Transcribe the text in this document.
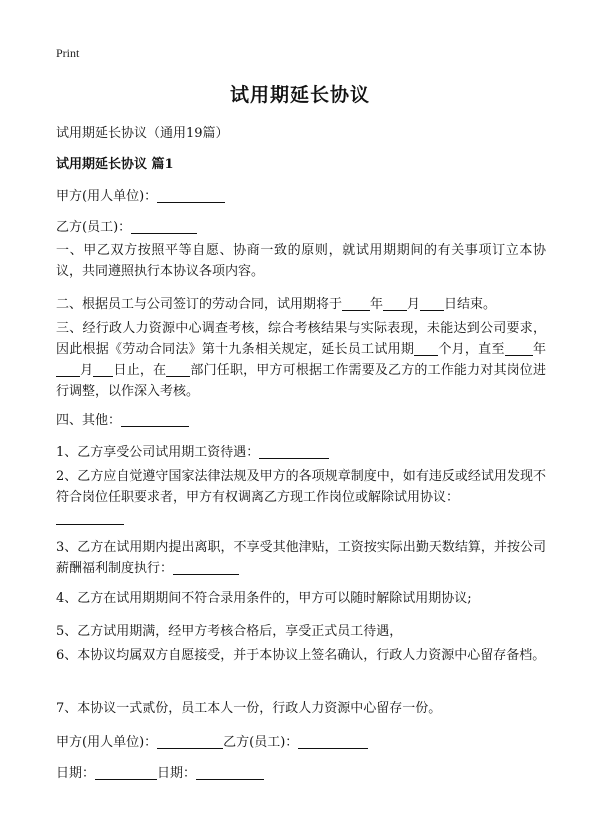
Print
试用期延长协议
试用期延长协议（通用19篇）
试用期延长协议 篇1
甲方(用人单位)：
乙方(员工)：
一、甲乙双方按照平等自愿、协商一致的原则，就试用期期间的有关事项订立本协议，共同遵照执行本协议各项内容。
二、根据员工与公司签订的劳动合同，试用期将于 年 月 日结束。
三、经行政人力资源中心调查考核，综合考核结果与实际表现，未能达到公司要求，因此根据《劳动合同法》第十九条相关规定，延长员工试用期 个月，直至 年月 日止，在 部门任职，甲方可根据工作需要及乙方的工作能力对其岗位进行调整，以作深入考核。
四、其他：
1、乙方享受公司试用期工资待遇：
2、乙方应自觉遵守国家法律法规及甲方的各项规章制度中，如有违反或经试用发现不符合岗位任职要求者，甲方有权调离乙方现工作岗位或解除试用协议：

3、乙方在试用期内提出离职，不享受其他津贴，工资按实际出勤天数结算，并按公司薪酬福利制度执行：
4、乙方在试用期期间不符合录用条件的，甲方可以随时解除试用期协议;
5、乙方试用期满，经甲方考核合格后，享受正式员工待遇，
6、本协议均属双方自愿接受，并于本协议上签名确认，行政人力资源中心留存备档。
7、本协议一式贰份，员工本人一份，行政人力资源中心留存一份。
甲方(用人单位)：	乙方(员工)：
日期：	日期：
